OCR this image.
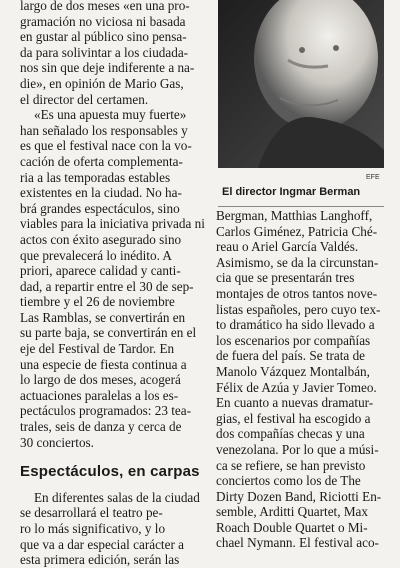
largo de dos meses «en una pro-
gramación no viciosa ni basada
en gustar al público sino pensa-
da para solivintar a los ciudada-
nos sin que deje indiferente a na-
die», en opinión de Mario Gas,
el director del certamen.

«Es una apuesta muy fuerte»
han señalado los responsables y
es que el festival nace con la vo-
cación de oferta complementa-
ria a las temporadas estables
existentes en la ciudad. No ha-
brá grandes espectáculos, sino
viables para la iniciativa privada ni
actos con éxito asegurado sino
que prevalecerá lo inédito. A
priori, aparece calidad y canti-
dad, a repartir entre el 30 de sep-
tiembre y el 26 de noviembre
Las Ramblas, se convertirán en
su parte baja, se convertirán en el
eje del Festival de Tardor. En
una especie de fiesta continua a
lo largo de dos meses, acogerá
actuaciones paralelas a los es-
pectáculos programados: 23 tea-
trales, seis de danza y cerca de
30 conciertos.

Espectáculos, en carpas

En diferentes salas de la ciudad
se desarrollará el teatro pe-
ro lo más significativo, y lo
que va a dar especial carácter a
esta primera edición, serán las

EFE
El director Ingmar Berman
Bergman, Matthias Langhoff,
Carlos Giménez, Patricia Ché-
reau o Ariel García Valdés.
Asimismo, se da la circunstan-
cia que se presentarán tres
montajes de otros tantos nove-
listas españoles, pero cuyo tex-
to dramático ha sido llevado a
los escenarios por compañías
de fuera del país. Se trata de
Manolo Vázquez Montalbán,
Félix de Azúa y Javier Tomeo.
En cuanto a nuevas dramatur-
gias, el festival ha escogido a
dos compañías checas y una
venezolana. Por lo que a músi-
ca se refiere, se han previsto
conciertos como los de The
Dirty Dozen Band, Riciotti En-
semble, Arditti Quartet, Max
Roach Double Quartet o Mi-
chael Nymann. El festival aco-
